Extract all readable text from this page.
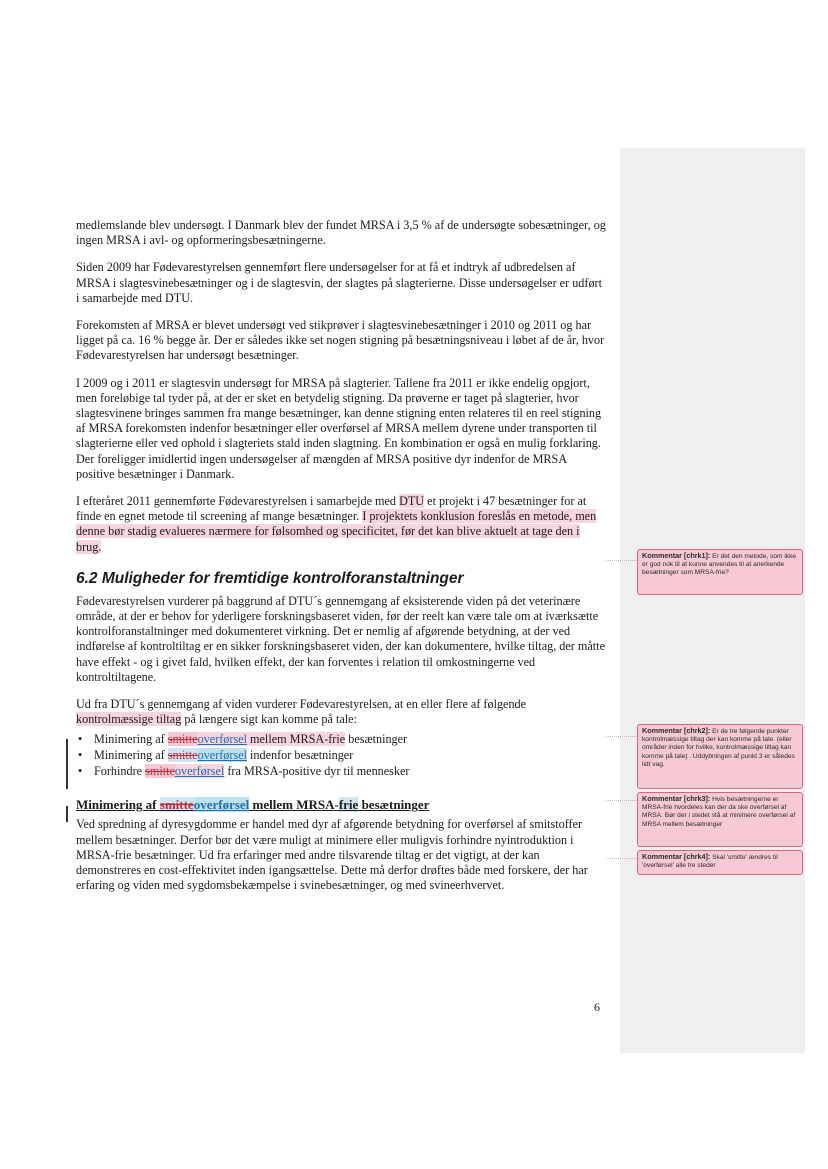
medlemslande blev undersøgt. I Danmark blev der fundet MRSA i 3,5 % af de undersøgte sobesætninger, og ingen MRSA i avl- og opformeringsbesætningerne.

Siden 2009 har Fødevarestyrelsen gennemført flere undersøgelser for at få et indtryk af udbredelsen af MRSA i slagtesvinebesætninger og i de slagtesvin, der slagtes på slagterierne. Disse undersøgelser er udført i samarbejde med DTU.

Forekomsten af MRSA er blevet undersøgt ved stikprøver i slagtesvinebesætninger i 2010 og 2011 og har ligget på ca. 16 % begge år. Der er således ikke set nogen stigning på besætningsniveau i løbet af de år, hvor Fødevarestyrelsen har undersøgt besætninger.

I 2009 og i 2011 er slagtesvin undersøgt for MRSA på slagterier. Tallene fra 2011 er ikke endelig opgjort, men foreløbige tal tyder på, at der er sket en betydelig stigning. Da prøverne er taget på slagterier, hvor slagtesvinene bringes sammen fra mange besætninger, kan denne stigning enten relateres til en reel stigning af MRSA forekomsten indenfor besætninger eller overførsel af MRSA mellem dyrene under transporten til slagterierne eller ved ophold i slagteriets stald inden slagtning. En kombination er også en mulig forklaring. Der foreligger imidlertid ingen undersøgelser af mængden af MRSA positive dyr indenfor de MRSA positive besætninger i Danmark.

I efteråret 2011 gennemførte Fødevarestyrelsen i samarbejde med DTU et projekt i 47 besætninger for at finde en egnet metode til screening af mange besætninger. I projektets konklusion foreslås en metode, men denne bør stadig evalueres nærmere for følsomhed og specificitet, før det kan blive aktuelt at tage den i brug.

6.2 Muligheder for fremtidige kontrolforanstaltninger

Fødevarestyrelsen vurderer på baggrund af DTU´s gennemgang af eksisterende viden på det veterinære område, at der er behov for yderligere forskningsbaseret viden, før der reelt kan være tale om at iværksætte kontrolforanstaltninger med dokumenteret virkning. Det er nemlig af afgørende betydning, at der ved indførelse af kontroltiltag er en sikker forskningsbaseret viden, der kan dokumentere, hvilke tiltag, der måtte have effekt - og i givet fald, hvilken effekt, der kan forventes i relation til omkostningerne ved kontroltiltagene.

Ud fra DTU´s gennemgang af viden vurderer Fødevarestyrelsen, at en eller flere af følgende kontrolmæssige tiltag på længere sigt kan komme på tale:

• Minimering af smitteoverførsel mellem MRSA-frie besætninger
• Minimering af smitteoverførsel indenfor besætninger
• Forhindre smitteoverførsel fra MRSA-positive dyr til mennesker
Minimering af smitteoverførsel mellem MRSA-frie besætninger

Ved spredning af dyresygdomme er handel med dyr af afgørende betydning for overførsel af smitstoffer mellem besætninger. Derfor bør det være muligt at minimere eller muligvis forhindre nyintroduktion i MRSA-frie besætninger. Ud fra erfaringer med andre tilsvarende tiltag er det vigtigt, at der kan demonstreres en cost-effektivitet inden igangsættelse. Dette må derfor drøftes både med forskere, der har erfaring og viden med sygdomsbekæmpelse i svinebesætninger, og med svineerhvervet.

6
Kommentar [chrk1]: Er det den metode, som ikke er god nok til at kunne anvendes til at anerkende besætninger som MRSA-frie?
Kommentar [chrk2]: Er de tre følgende punkter kontrolmæssige tiltag der kan komme på tale. (eller områder inden for hvilke, kontrolmæssige tiltag kan komme på tale) . Uddybningen af punkt 3 er således lidt vag.
Kommentar [chrk3]: Hvis besætningerne er MRSA-frie hvordeles kan der da ske overførsel af MRSA. Bør der i stedet stå at minimere overførsel af MRSA mellem besætninger
Kommentar [chrk4]: Skal 'smitte' ændres til 'overførsel' alle tre steder
